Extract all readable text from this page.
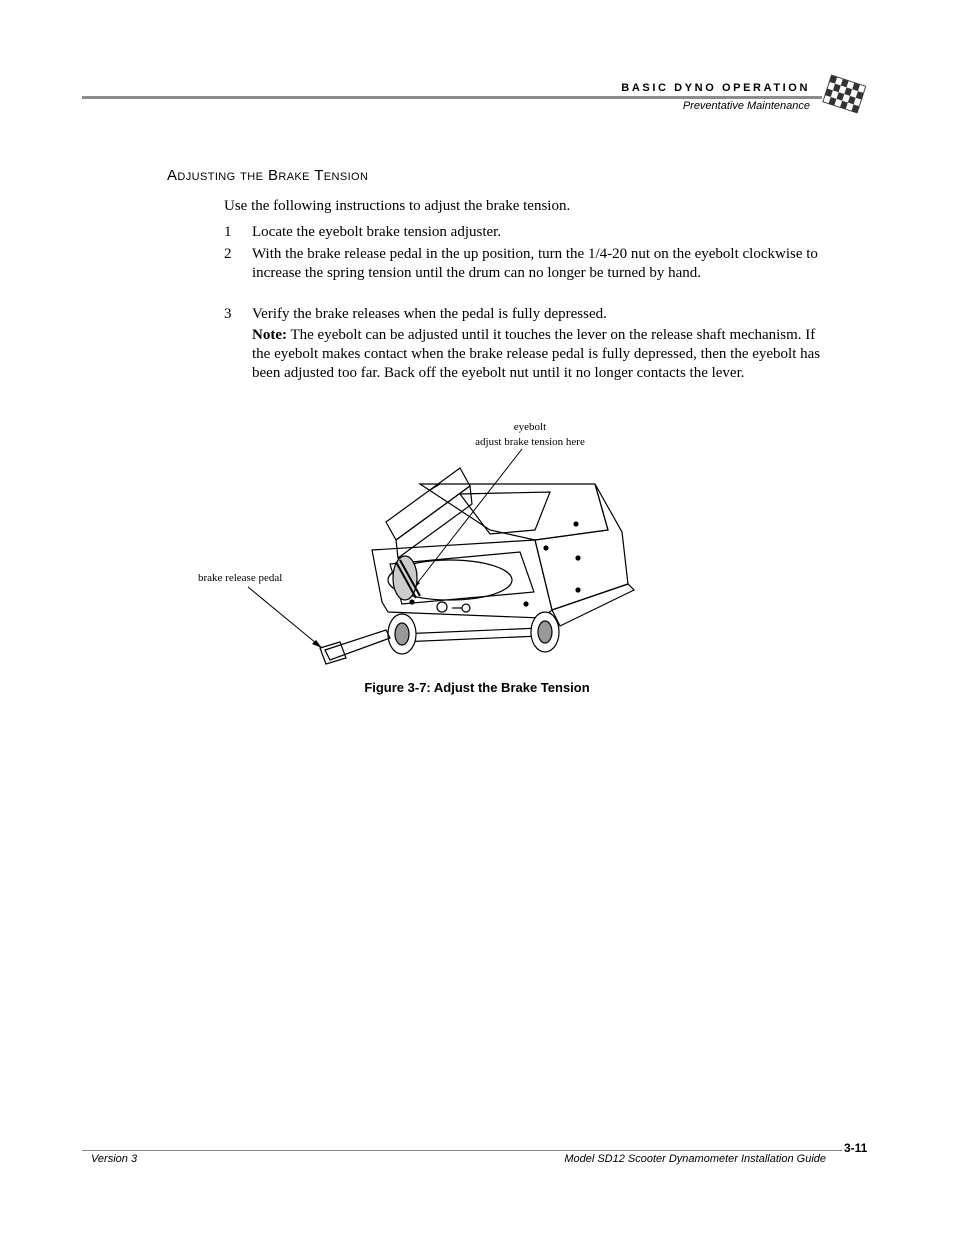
BASIC DYNO OPERATION
Preventative Maintenance
Adjusting the Brake Tension
Use the following instructions to adjust the brake tension.
1 Locate the eyebolt brake tension adjuster.
2 With the brake release pedal in the up position, turn the 1/4-20 nut on the eyebolt clockwise to increase the spring tension until the drum can no longer be turned by hand.
3 Verify the brake releases when the pedal is fully depressed.
Note: The eyebolt can be adjusted until it touches the lever on the release shaft mechanism. If the eyebolt makes contact when the brake release pedal is fully depressed, then the eyebolt has been adjusted too far. Back off the eyebolt nut until it no longer contacts the lever.
eyebolt
adjust brake tension here
brake release pedal
Figure 3-7: Adjust the Brake Tension
3-11
Version 3	Model SD12 Scooter Dynamometer Installation Guide
